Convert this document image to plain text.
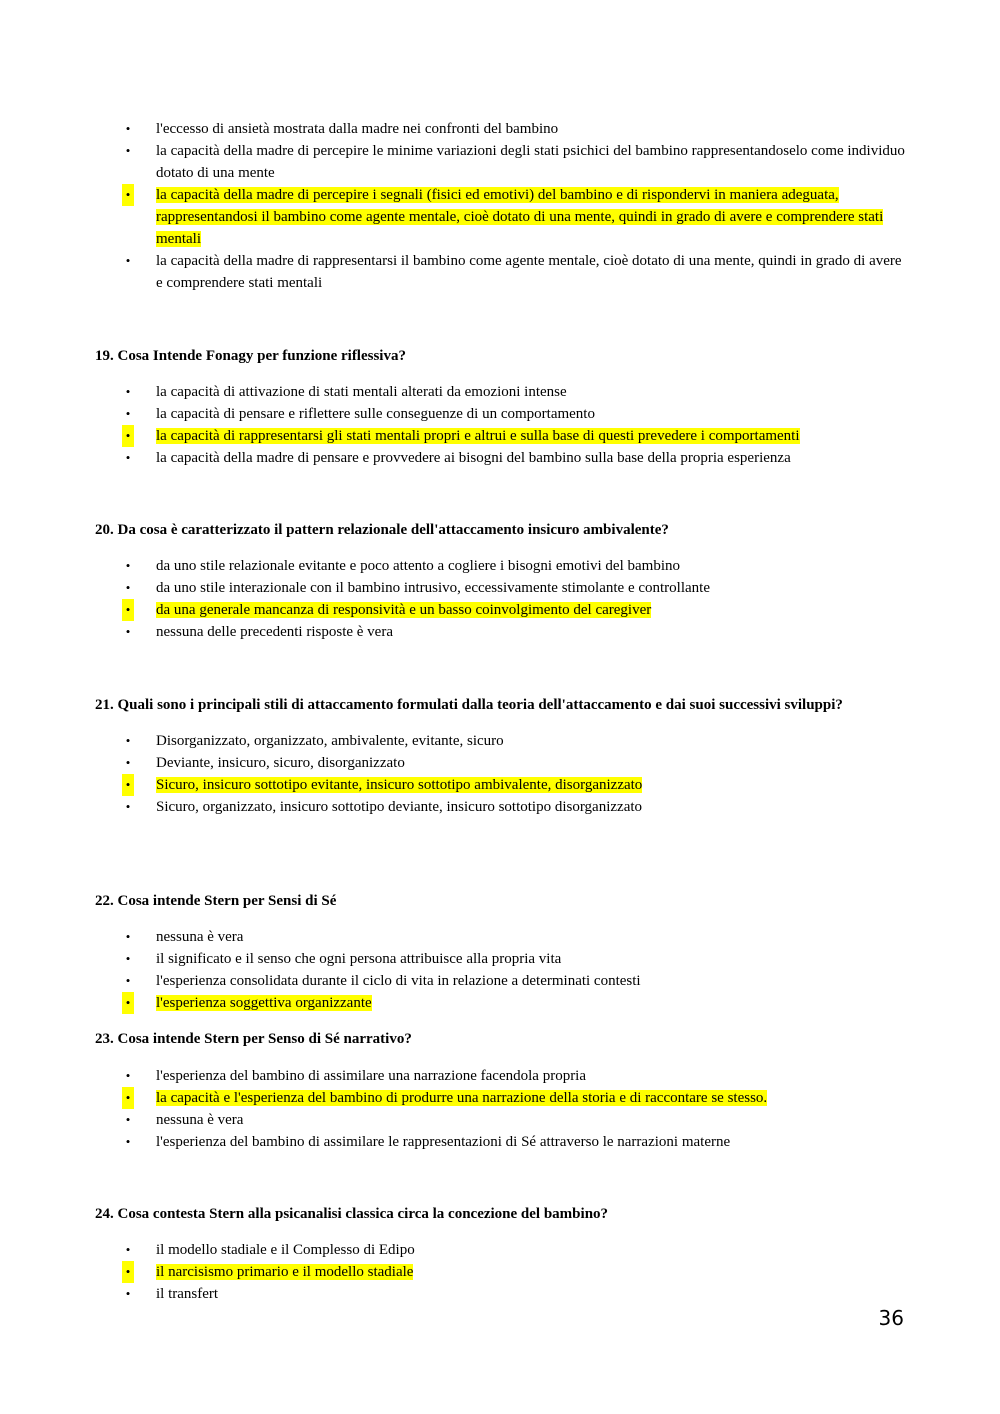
• l'eccesso di ansietà mostrata dalla madre nei confronti del bambino
• la capacità della madre di percepire le minime variazioni degli stati psichici del bambino rappresentandoselo come individuo dotato di una mente
• la capacità della madre di percepire i segnali (fisici ed emotivi) del bambino e di rispondervi in maniera adeguata, rappresentandosi il bambino come agente mentale, cioè dotato di una mente, quindi in grado di avere e comprendere stati mentali
• la capacità della madre di rappresentarsi il bambino come agente mentale, cioè dotato di una mente, quindi in grado di avere e comprendere stati mentali

19. Cosa Intende Fonagy per funzione riflessiva?

• la capacità di attivazione di stati mentali alterati da emozioni intense
• la capacità di pensare e riflettere sulle conseguenze di un comportamento
• la capacità di rappresentarsi gli stati mentali propri e altrui e sulla base di questi prevedere i comportamenti
• la capacità della madre di pensare e provvedere ai bisogni del bambino sulla base della propria esperienza

20. Da cosa è caratterizzato il pattern relazionale dell'attaccamento insicuro ambivalente?

• da uno stile relazionale evitante e poco attento a cogliere i bisogni emotivi del bambino
• da uno stile interazionale con il bambino intrusivo, eccessivamente stimolante e controllante
• da una generale mancanza di responsività e un basso coinvolgimento del caregiver
• nessuna delle precedenti risposte è vera

21. Quali sono i principali stili di attaccamento formulati dalla teoria dell'attaccamento e dai suoi successivi sviluppi?

• Disorganizzato, organizzato, ambivalente, evitante, sicuro
• Deviante, insicuro, sicuro, disorganizzato
• Sicuro, insicuro sottotipo evitante, insicuro sottotipo ambivalente, disorganizzato
• Sicuro, organizzato, insicuro sottotipo deviante, insicuro sottotipo disorganizzato

22. Cosa intende Stern per Sensi di Sé

• nessuna è vera
• il significato e il senso che ogni persona attribuisce alla propria vita
• l'esperienza consolidata durante il ciclo di vita in relazione a determinati contesti
• l'esperienza soggettiva organizzante

23. Cosa intende Stern per Senso di Sé narrativo?

• l'esperienza del bambino di assimilare una narrazione facendola propria
• la capacità e l'esperienza del bambino di produrre una narrazione della storia e di raccontare se stesso.
• nessuna è vera
• l'esperienza del bambino di assimilare le rappresentazioni di Sé attraverso le narrazioni materne

24. Cosa contesta Stern alla psicanalisi classica circa la concezione del bambino?

• il modello stadiale e il Complesso di Edipo
• il narcisismo primario e il modello stadiale
• il transfert
36
